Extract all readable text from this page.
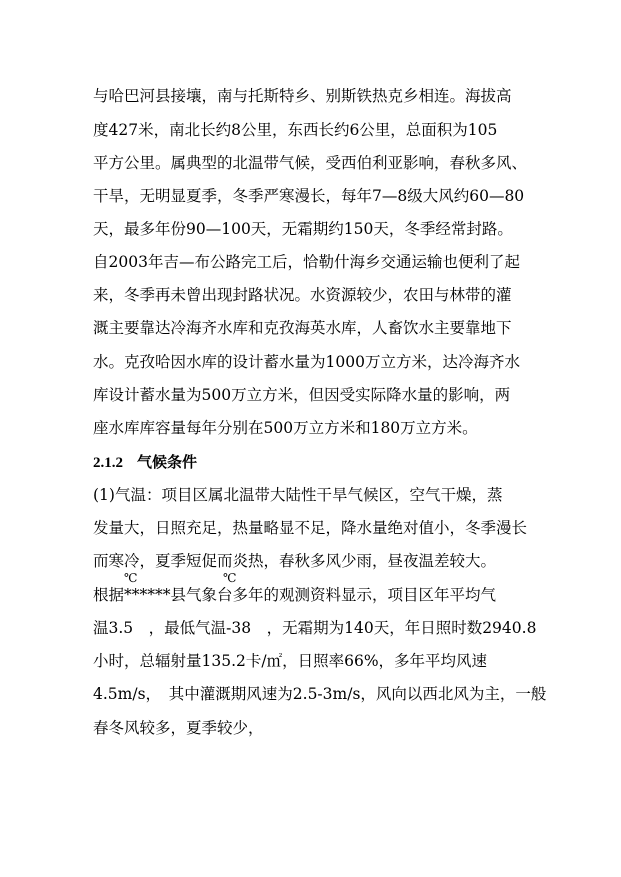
与哈巴河县接壤，南与托斯特乡、别斯铁热克乡相连。海拔高
度427米，南北长约8公里，东西长约6公里，总面积为105
平方公里。属典型的北温带气候，受西伯利亚影响，春秋多风、
干旱，无明显夏季，冬季严寒漫长，每年7—8级大风约60—80
天，最多年份90—100天，无霜期约150天，冬季经常封路。
自2003年吉—布公路完工后，恰勒什海乡交通运输也便利了起
来，冬季再未曾出现封路状况。水资源较少，农田与林带的灌
溉主要靠达冷海齐水库和克孜海英水库，人畜饮水主要靠地下
水。克孜哈因水库的设计蓄水量为1000万立方米，达冷海齐水
库设计蓄水量为500万立方米，但因受实际降水量的影响，两
座水库库容量每年分别在500万立方米和180万立方米。
2.1.2 气候条件
(1)气温：项目区属北温带大陆性干旱气候区，空气干燥，蒸
发量大，日照充足，热量略显不足，降水量绝对值小，冬季漫长
而寒冷，夏季短促而炎热，春秋多风少雨，昼夜温差较大。
℃	℃
根据******县气象台多年的观测资料显示，项目区年平均气
温3.5　，最低气温-38　，无霜期为140天，年日照时数2940.8
小时，总辐射量135.2卡/㎡，日照率66%，多年平均风速
4.5m/s，　其中灌溉期风速为2.5-3m/s，风向以西北风为主，一般
春冬风较多，夏季较少，
